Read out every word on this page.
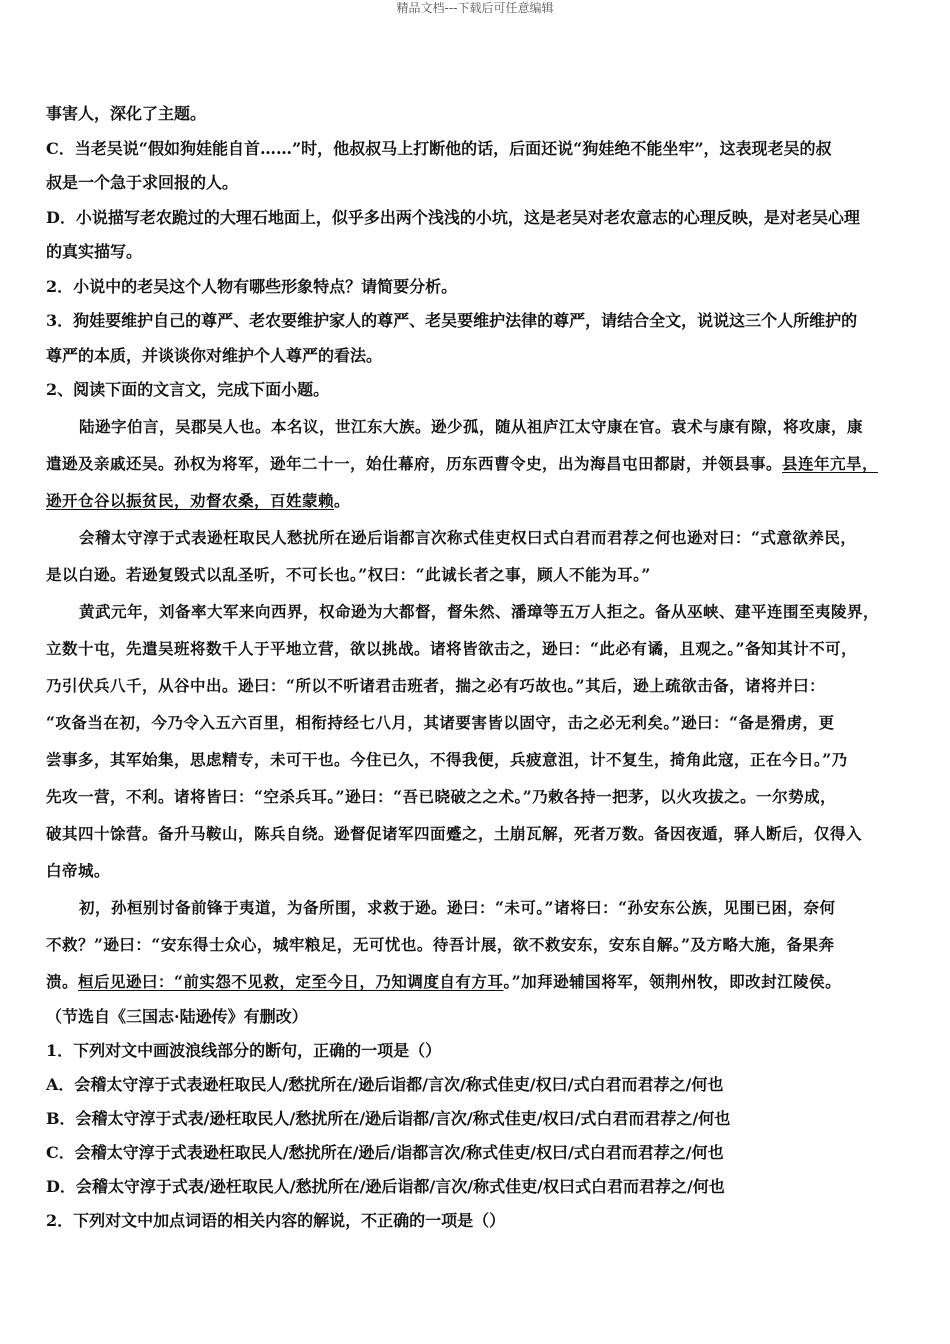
精品文档---下载后可任意编辑
事害人，深化了主题。
C．当老吴说“假如狗娃能自首……”时，他叔叔马上打断他的话，后面还说“狗娃绝不能坐牢”，这表现老吴的叔
叔是一个急于求回报的人。
D．小说描写老农跪过的大理石地面上，似乎多出两个浅浅的小坑，这是老吴对老农意志的心理反映，是对老吴心理
的真实描写。
2．小说中的老吴这个人物有哪些形象特点？请简要分析。
3．狗娃要维护自己的尊严、老农要维护家人的尊严、老吴要维护法律的尊严，请结合全文，说说这三个人所维护的
尊严的本质，并谈谈你对维护个人尊严的看法。
2、阅读下面的文言文，完成下面小题。
陆逊字伯言，吴郡吴人也。本名议，世江东大族。逊少孤，随从祖庐江太守康在官。袁术与康有隙，将攻康，康
遣逊及亲戚还吴。孙权为将军，逊年二十一，始仕幕府，历东西曹令史，出为海昌屯田都尉，并领县事。县连年亢旱，
逊开仓谷以振贫民，劝督农桑，百姓蒙赖。
会稽太守淳于式表逊枉取民人愁扰所在逊后诣都言次称式佳吏权曰式白君而君荐之何也逊对曰：“式意欲养民，
是以白逊。若逊复毁式以乱圣听，不可长也。”权曰：“此诚长者之事，顾人不能为耳。”
黄武元年，刘备率大军来向西界，权命逊为大都督，督朱然、潘璋等五万人拒之。备从巫峡、建平连围至夷陵界，
立数十屯，先遣吴班将数千人于平地立营，欲以挑战。诸将皆欲击之，逊曰：“此必有谲，且观之。”备知其计不可，
乃引伏兵八千，从谷中出。逊曰：“所以不听诸君击班者，揣之必有巧故也。”其后，逊上疏欲击备，诸将并曰：
“攻备当在初，今乃令入五六百里，相衔持经七八月，其诸要害皆以固守，击之必无利矣。”逊曰：“备是猾虏，更
尝事多，其军始集，思虑精专，未可干也。今住已久，不得我便，兵疲意沮，计不复生，掎角此寇，正在今日。”乃
先攻一营，不利。诸将皆曰：“空杀兵耳。”逊曰：“吾已晓破之之术。”乃敕各持一把茅，以火攻拔之。一尔势成，
破其四十馀营。备升马鞍山，陈兵自绕。逊督促诸军四面蹙之，土崩瓦解，死者万数。备因夜遁，驿人断后，仅得入
白帝城。
初，孙桓别讨备前锋于夷道，为备所围，求救于逊。逊曰：“未可。”诸将曰：“孙安东公族，见围已困，奈何
不救？”逊曰：“安东得士众心，城牢粮足，无可忧也。待吾计展，欲不救安东，安东自解。”及方略大施，备果奔
溃。桓后见逊曰：“前实怨不见救，定至今日，乃知调度自有方耳。”加拜逊辅国将军，领荆州牧，即改封江陵侯。
（节选自《三国志·陆逊传》有删改）
1．下列对文中画波浪线部分的断句，正确的一项是（）
A．会稽太守淳于式表逊枉取民人/愁扰所在/逊后诣都/言次/称式佳吏/权曰/式白君而君荐之/何也
B．会稽太守淳于式表/逊枉取民人/愁扰所在/逊后诣都/言次/称式佳吏/权曰/式白君而君荐之/何也
C．会稽太守淳于式表逊枉取民人/愁扰所在/逊后/诣都言次/称式佳吏/权曰/式白君而君荐之/何也
D．会稽太守淳于式表/逊枉取民人/愁扰所在/逊后诣都/言次/称式佳吏/权曰式白君而君荐之/何也
2．下列对文中加点词语的相关内容的解说，不正确的一项是（）
